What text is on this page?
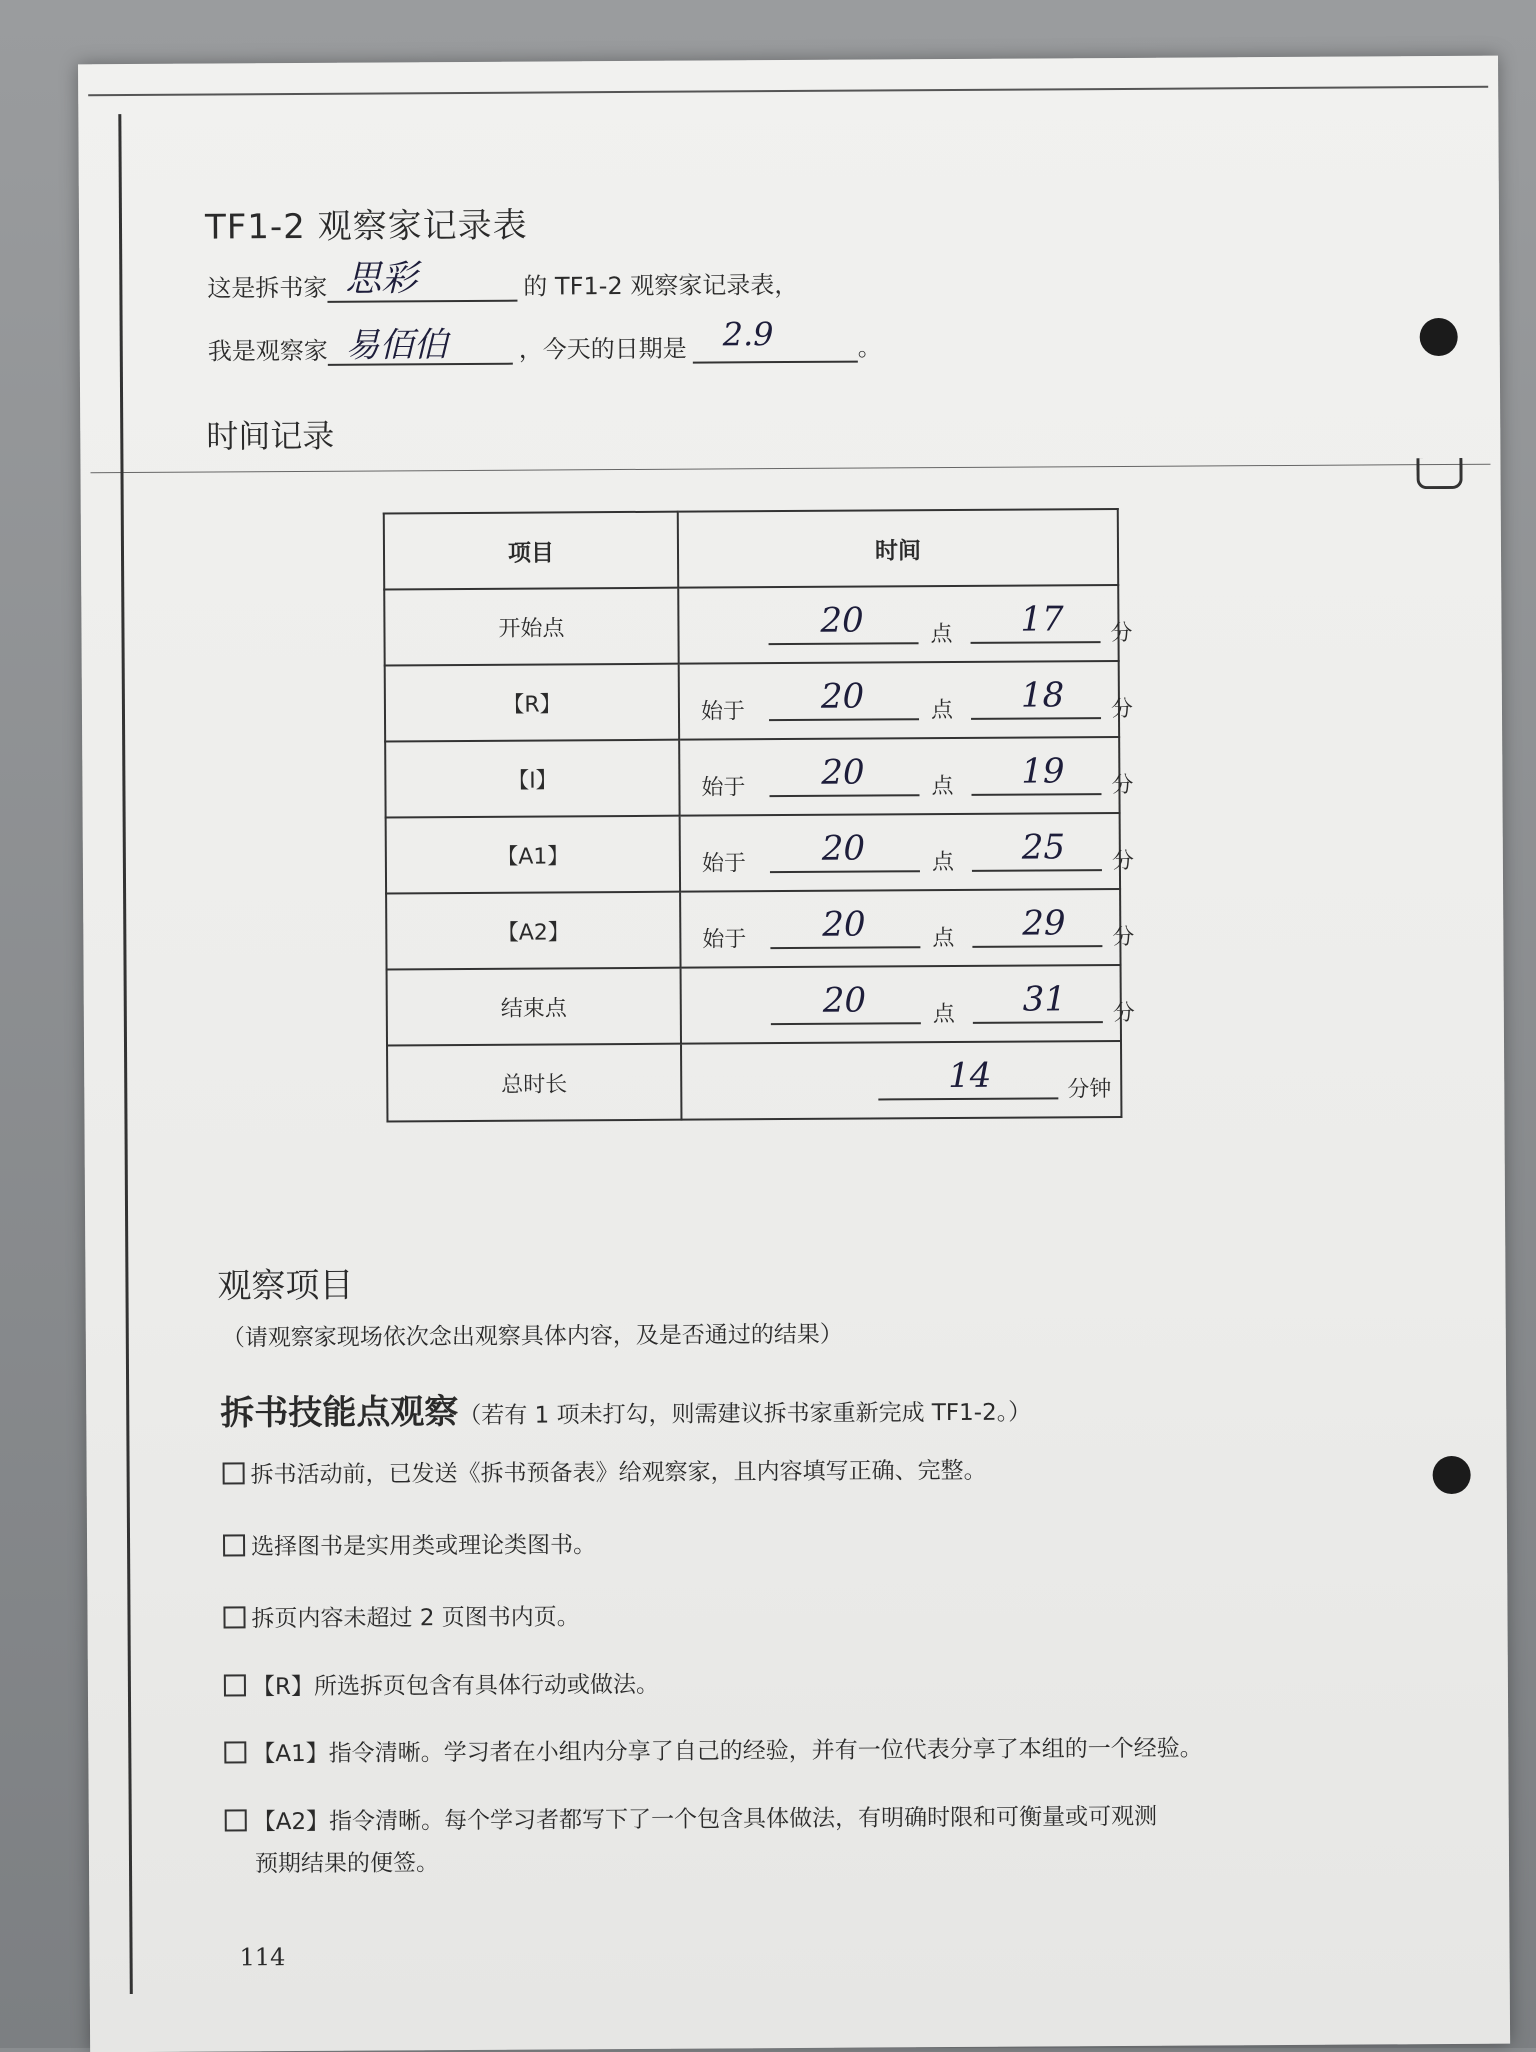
TF1-2 观察家记录表
这是拆书家 思彩	的 TF1-2 观察家记录表，
我是观察家 易佰伯	，今天的日期是 2.9	。
时间记录
项目	时间
开始点	20 点 17 分

【R】	始于 20 点 18 分

【I】	始于 20 点 19 分

【A1】	始于 20 点 25 分

【A2】	始于 20 点 29 分

结束点	20 点 31 分

总时长	14 分钟
观察项目
（请观察家现场依次念出观察具体内容，及是否通过的结果）
拆书技能点观察（若有 1 项未打勾，则需建议拆书家重新完成 TF1-2。）
拆书活动前，已发送《拆书预备表》给观察家，且内容填写正确、完整。
选择图书是实用类或理论类图书。
拆页内容未超过 2 页图书内页。
【R】所选拆页包含有具体行动或做法。
【A1】指令清晰。学习者在小组内分享了自己的经验，并有一位代表分享了本组的一个经验。
【A2】指令清晰。每个学习者都写下了一个包含具体做法，有明确时限和可衡量或可观测
预期结果的便签。
114
